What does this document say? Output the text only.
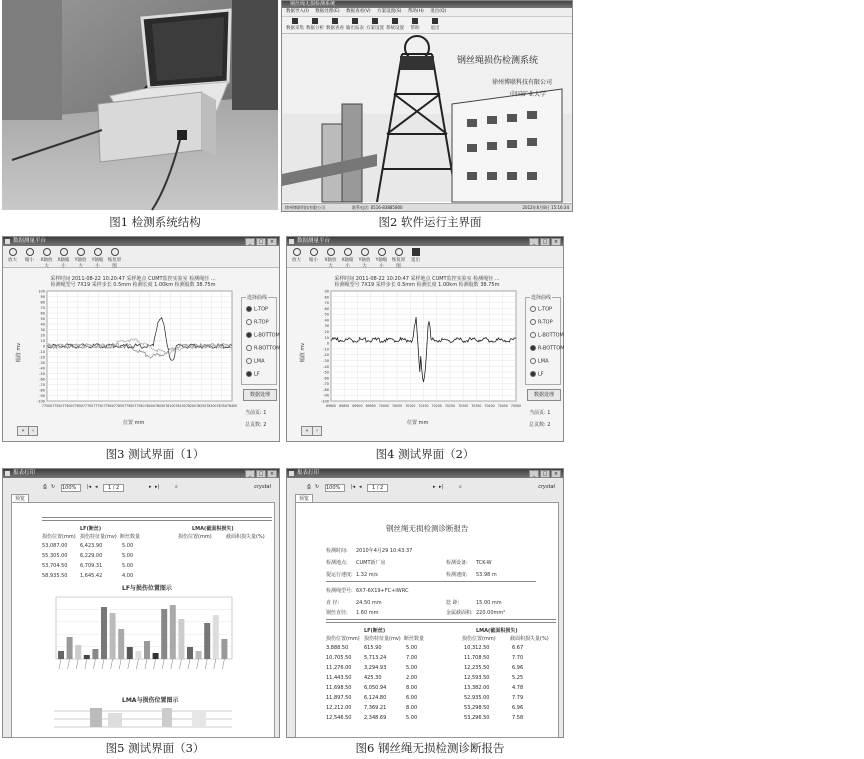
图1 检测系统结构
钢丝绳无损检测系统
数据导入(I) 数据处理(E) 数据查看(V) 方案设置(S) 帮助(H) 退出(Q)
数据采集 数据分析 数据查看 输出报表 方案设置 系统设置	帮助	退出
钢丝绳损伤检测系统
徐州博联科技有限公司
中国矿业大学
徐州博联科技有限公司	联系电话: 0516-83885800	2012年6月8日 15:16:34
图2 软件运行主界面
数据测量平台	_	□	×
放大	缩小	X轴放大
X轴缩小
Y轴放大
Y轴缩小
恢复原图
采样时间 2011-08-22 10:20:47 采样地点 CUMT监控实验室 检测绳径 …
检测绳型号 7X19 采样步长 0.5mm 检测长度 1.00km 检测股数 38.75m
幅值 mv
100
90
80
70
60
50
40
30
20
10
0
-10
-20
-30
-40
-50
-60
-70
-80
-90
-100
77500 77550 77600 77650 77700 77750 77800 77850 77900 77950 78000 78050 78100 78150 78200 78250 78300 78350 78400
位置 mm
选择曲线
L-TOP
R-TOP
L-BOTTOM
R-BOTTOM
LMA
LF
数据处理
当前页: 1
总页数: 2
«	‹
图3 测试界面（1）
数据测量平台	_	□	×
放大	缩小	X轴放大
X轴缩小
Y轴放大
Y轴缩小
恢复原图
退出
采样时间 2011-08-22 10:20:47 采样地点 CUMT监控实验室 检测绳径 …
检测绳型号 7X19 采样步长 0.5mm 检测长度 1.00km 检测股数 38.75m
幅值 mv
90
80
70
60
50
40
30
20
10
0
-10
-20
-30
-40
-50
-60
-70
-80
-90
-100
69800 69850 69900 69950 70000 70050 70100 70150 70200 70250 70300 70350 70400 70450 70500
位置 mm
选择曲线
L-TOP
R-TOP
L-BOTTOM
R-BOTTOM
LMA
LF
数据处理
当前页: 1
总页数: 2
«	‹
图4 测试界面（2）
报表打印	_	□	×
⎙ ↻ 100%	|◂ ◂	1 / 2	▸ ▸|	⌕	crystal
预览
LF(断丝)	LMA(截面积损失)
损伤位置(mm) 损伤特征量(mv) 断丝数量	损伤位置(mm)	截面积损失量(%)
53,087.00	6,423.90	5.00
55,305.00	6,229.00	5.00
53,704.50	6,709.31	5.00
58,935.50	1,645.42	4.00
LF与损伤位置图示
LMA与损伤位置图示
图5 测试界面（3）
报表打印	_	□	×
⎙ ↻ 100%	|◂ ◂	1 / 2	▸ ▸|	⌕	crystal
预览
钢丝绳无损检测诊断报告
检测时间: 2010年4月29 10:43:37
检测地点: CUMT新厂房	检测设备: TCK-W
提运行速度: 1.32 m/s	检测速度: 53.98 m
检测绳型号: 6X7-6X19+FC+IWRC
直 径:	24.50 mm	捻 距:	15.00 mm
钢丝直径: 1.60 mm	金属截面积: 220.00mm²
LF(断丝)	LMA(截面积损失)
损伤位置(mm) 损伤特征量(mv) 断丝数量	损伤位置(mm)	截面积损失量(%)
3,888.50	615.90	5.00	10,312.50	6.67
10,705.50	5,713.24	7.00	11,708.50	7.70
11,276.00	3,294.93	5.00	12,235.50	6.96
11,443.50	425.30	2.00	12,593.50	5.25
11,698.50	6,050.94	8.00	13,382.00	4.78
11,897.50	6,124.80	6.00	52,935.00	7.79
12,212.00	7,369.21	8.00	53,298.50	6.96
12,546.50	2,348.69	5.00	53,296.50	7.58
图6 钢丝绳无损检测诊断报告
